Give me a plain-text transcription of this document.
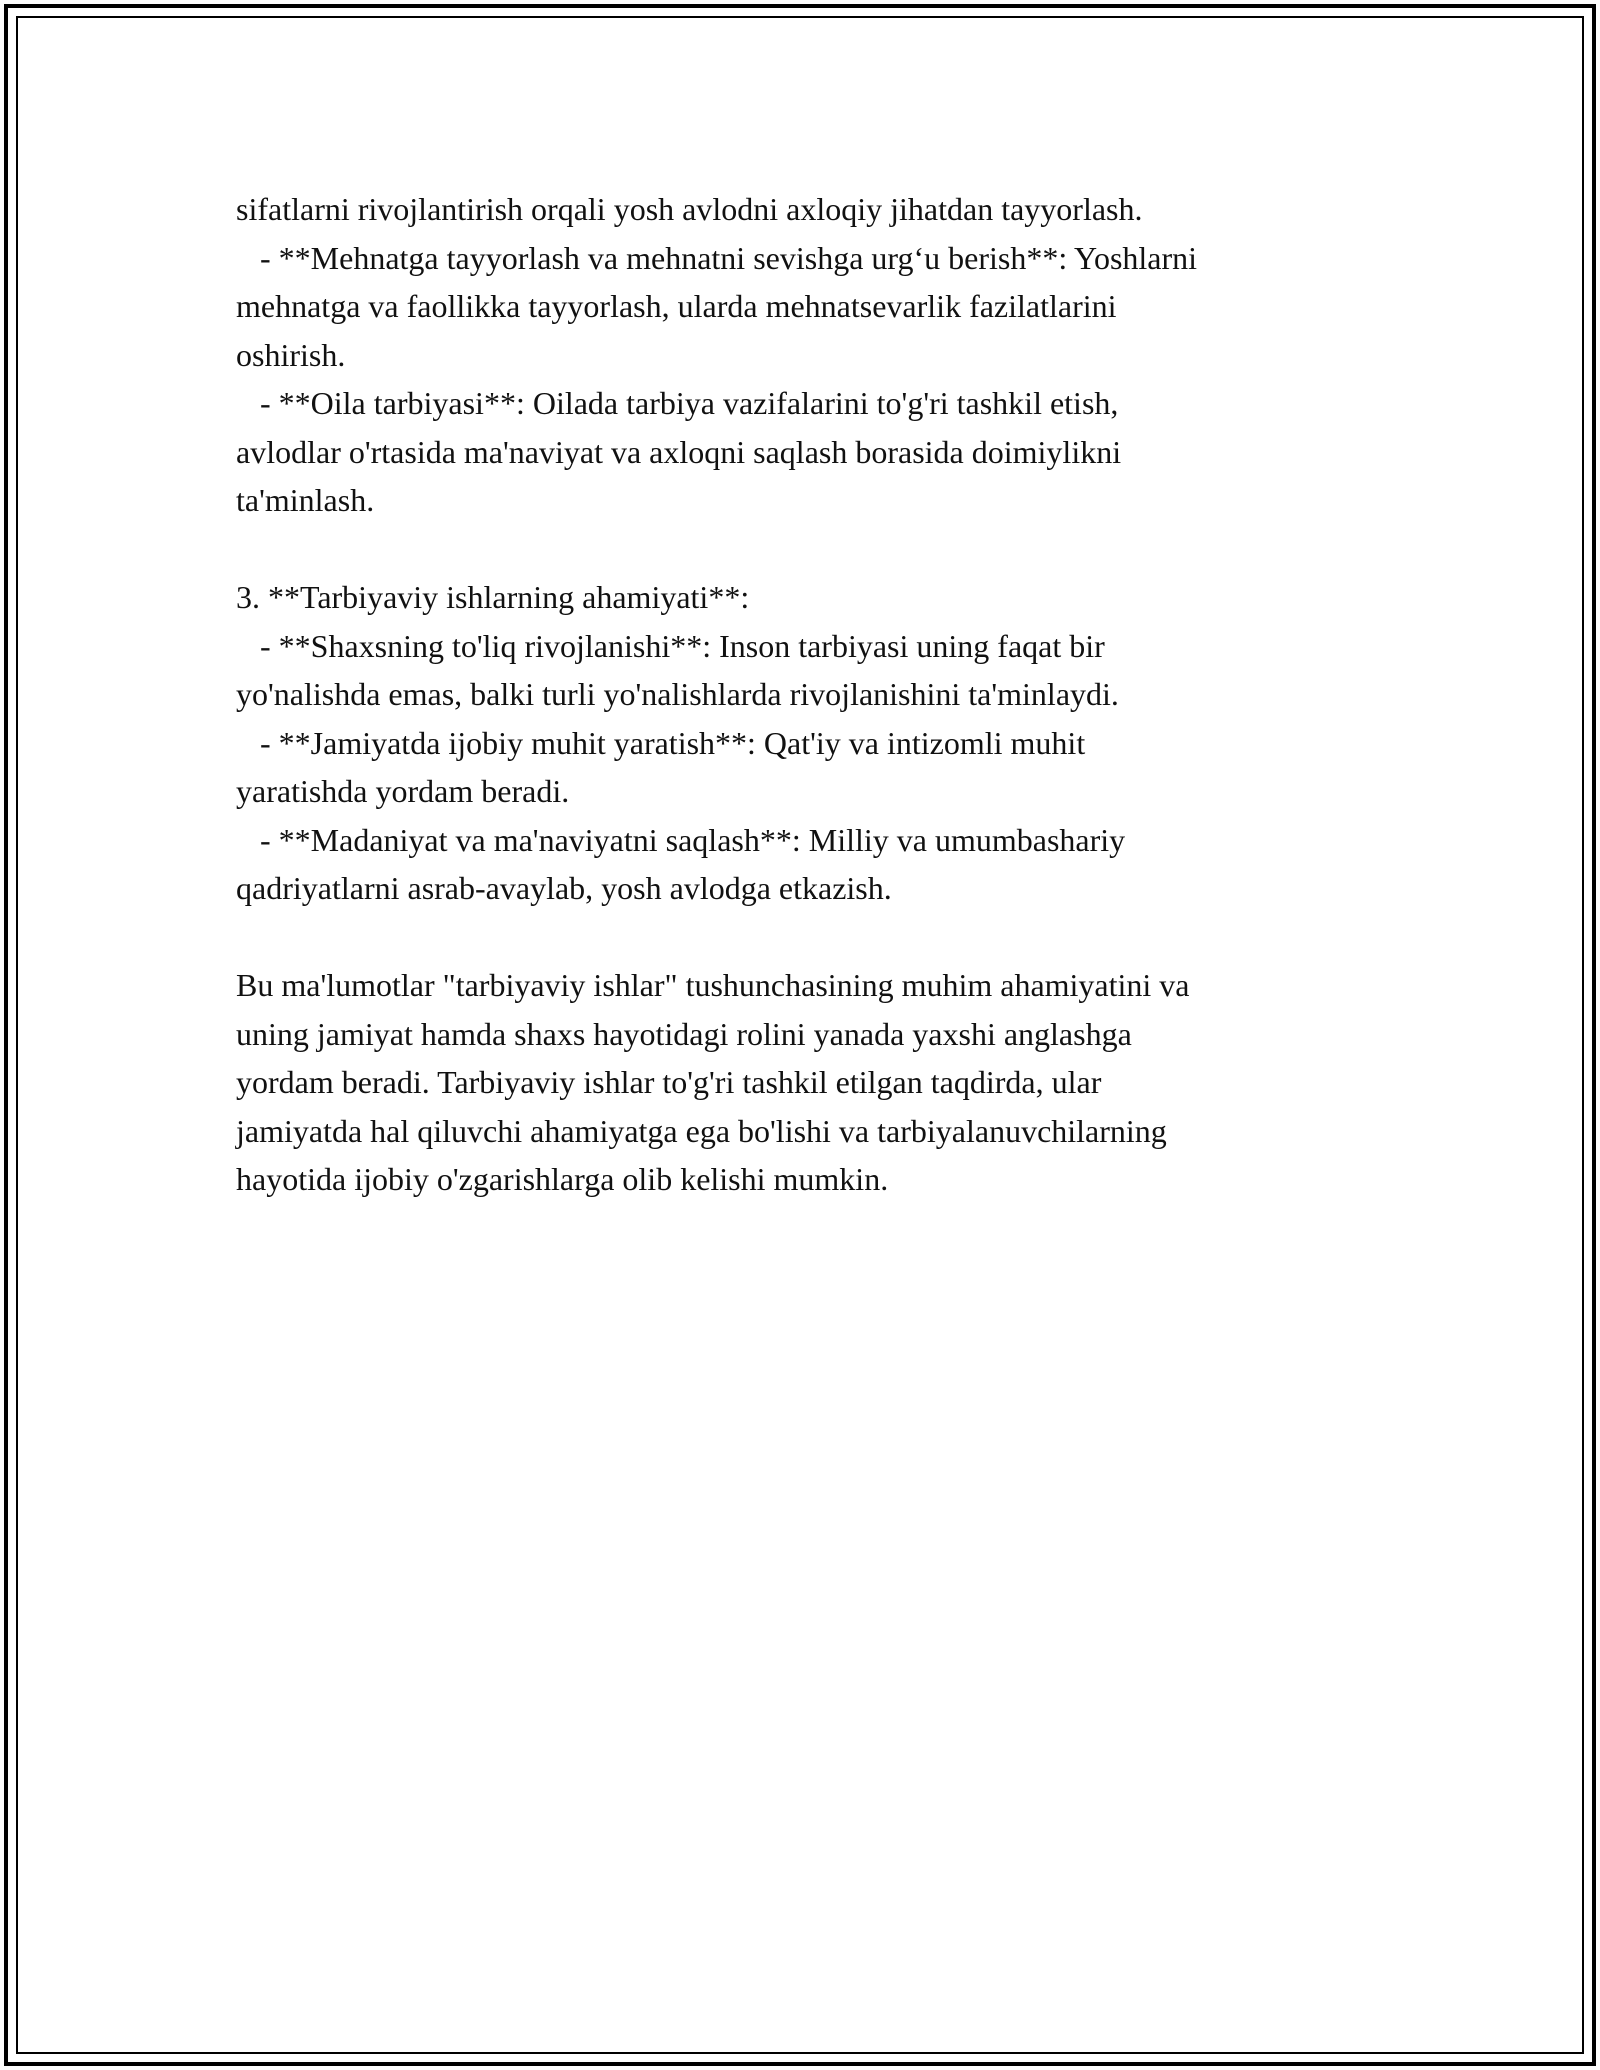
sifatlarni rivojlantirish orqali yosh avlodni axloqiy jihatdan tayyorlash.
- **Mehnatga tayyorlash va mehnatni sevishga urg‘u berish**: Yoshlarni
mehnatga va faollikka tayyorlash, ularda mehnatsevarlik fazilatlarini
oshirish.
- **Oila tarbiyasi**: Oilada tarbiya vazifalarini to'g'ri tashkil etish,
avlodlar o'rtasida ma'naviyat va axloqni saqlash borasida doimiylikni
ta'minlash.
3. **Tarbiyaviy ishlarning ahamiyati**:
- **Shaxsning to'liq rivojlanishi**: Inson tarbiyasi uning faqat bir
yo'nalishda emas, balki turli yo'nalishlarda rivojlanishini ta'minlaydi.
- **Jamiyatda ijobiy muhit yaratish**: Qat'iy va intizomli muhit
yaratishda yordam beradi.
- **Madaniyat va ma'naviyatni saqlash**: Milliy va umumbashariy
qadriyatlarni asrab-avaylab, yosh avlodga etkazish.
Bu ma'lumotlar "tarbiyaviy ishlar" tushunchasining muhim ahamiyatini va
uning jamiyat hamda shaxs hayotidagi rolini yanada yaxshi anglashga
yordam beradi. Tarbiyaviy ishlar to'g'ri tashkil etilgan taqdirda, ular
jamiyatda hal qiluvchi ahamiyatga ega bo'lishi va tarbiyalanuvchilarning
hayotida ijobiy o'zgarishlarga olib kelishi mumkin.
